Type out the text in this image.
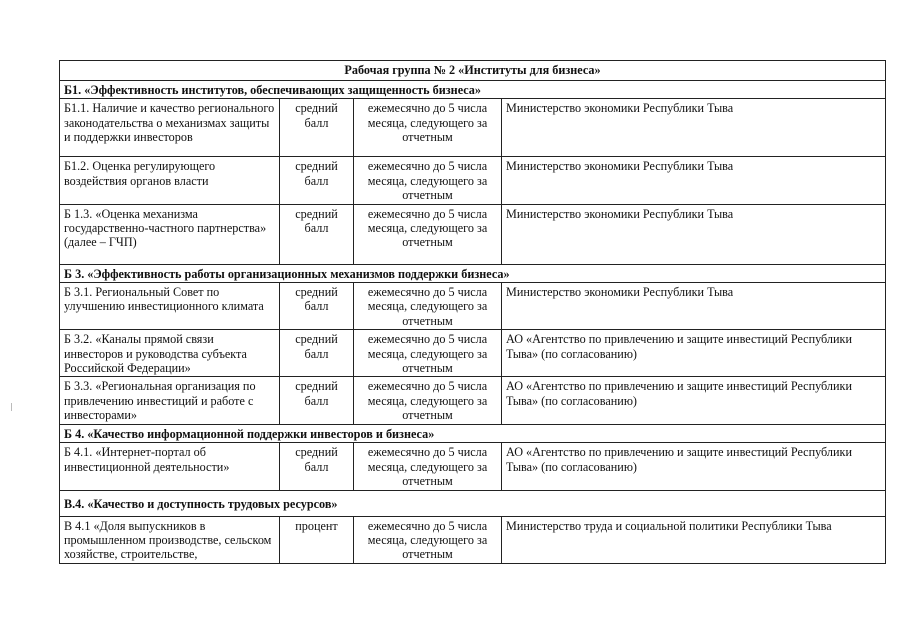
Рабочая группа № 2 «Институты для бизнеса»			
Б1. «Эффективность институтов, обеспечивающих защищенность бизнеса»			
Б1.1. Наличие и качество регионального законодательства о механизмах защиты и поддержки инвесторов	средний балл	ежемесячно до 5 числа месяца, следующего за отчетным	Министерство экономики Республики Тыва
Б1.2. Оценка регулирующего воздействия органов власти	средний балл	ежемесячно до 5 числа месяца, следующего за отчетным	Министерство экономики Республики Тыва
Б 1.3. «Оценка механизма государственно-частного партнерства» (далее – ГЧП)	средний балл	ежемесячно до 5 числа месяца, следующего за отчетным	Министерство экономики Республики Тыва
Б 3. «Эффективность работы организационных механизмов поддержки бизнеса»			
Б 3.1. Региональный Совет по улучшению инвестиционного климата	средний балл	ежемесячно до 5 числа месяца, следующего за отчетным	Министерство экономики Республики Тыва
Б 3.2. «Каналы прямой связи инвесторов и руководства субъекта Российской Федерации»	средний балл	ежемесячно до 5 числа месяца, следующего за отчетным	АО «Агентство по привлечению и защите инвестиций Республики Тыва» (по согласованию)
Б 3.3. «Региональная организация по привлечению инвестиций и работе с инвесторами»	средний балл	ежемесячно до 5 числа месяца, следующего за отчетным	АО «Агентство по привлечению и защите инвестиций Республики Тыва» (по согласованию)
Б 4. «Качество информационной поддержки инвесторов и бизнеса»			
Б 4.1. «Интернет-портал об инвестиционной деятельности»	средний балл	ежемесячно до 5 числа месяца, следующего за отчетным	АО «Агентство по привлечению и защите инвестиций Республики Тыва» (по согласованию)
В.4. «Качество и доступность трудовых ресурсов»			
В 4.1 «Доля выпускников в промышленном производстве, сельском хозяйстве, строительстве,	процент	ежемесячно до 5 числа месяца, следующего за отчетным	Министерство труда и социальной политики Республики Тыва
